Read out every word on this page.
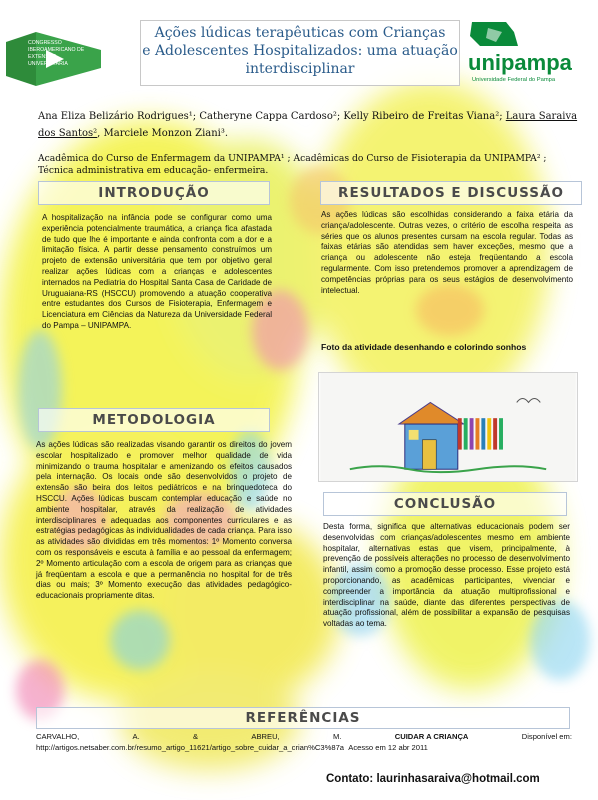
CONGRESSO
IBEROAMERICANO DE
EXTENSÃO
UNIVERSITÁRIA
Ações lúdicas terapêuticas com Crianças
e Adolescentes Hospitalizados: uma atuação
interdisciplinar	unipampa
Universidade Federal do Pampa
Ana Eliza Belizário Rodrigues¹; Catheryne Cappa Cardoso²; Kelly Ribeiro de Freitas Viana²; Laura Saraiva dos Santos², Marciele Monzon Ziani³.
Acadêmica do Curso de Enfermagem da UNIPAMPA¹ ; Acadêmicas do Curso de Fisioterapia da UNIPAMPA² ; Técnica administrativa em educação- enfermeira.
INTRODUÇÃO
A hospitalização na infância pode se configurar como uma experiência potencialmente traumática, a criança fica afastada de tudo que lhe é importante e ainda confronta com a dor e a limitação física. A partir desse pensamento construímos um projeto de extensão universitária que tem por objetivo geral realizar ações lúdicas com a crianças e adolescentes internados na Pediatria do Hospital Santa Casa de Caridade de Uruguaiana-RS (HSCCU) promovendo a atuação cooperativa entre estudantes dos Cursos de Fisioterapia, Enfermagem e Licenciatura em Ciências da Natureza da Universidade Federal do Pampa – UNIPAMPA.
RESULTADOS E DISCUSSÃO
As ações lúdicas são escolhidas considerando a faixa etária da criança/adolescente. Outras vezes, o critério de escolha respeita as séries que os alunos presentes cursam na escola regular. Todas as faixas etárias são atendidas sem haver exceções, mesmo que a criança ou adolescente não esteja freqüentando a escola regularmente. Com isso pretendemos promover a aprendizagem de competências próprias para os seus estágios de desenvolvimento intelectual.
Foto da atividade desenhando e colorindo sonhos
METODOLOGIA
As ações lúdicas são realizadas visando garantir os direitos do jovem escolar hospitalizado e promover melhor qualidade de vida minimizando o trauma hospitalar e amenizando os efeitos causados pela internação. Os locais onde são desenvolvidos o projeto de extensão são beira dos leitos pediátricos e na brinquedoteca do HSCCU. Ações lúdicas buscam contemplar educação e saúde no ambiente hospitalar, através da realização de atividades interdisciplinares e adequadas aos componentes curriculares e as estratégias pedagógicas às individualidades de cada criança. Para isso as atividades são divididas em três momentos: 1º Momento conversa com os responsáveis e escuta à família e ao pessoal da enfermagem; 2º Momento articulação com a escola de origem para as crianças que já freqüentam a escola e que a permanência no hospital for de três dias ou mais; 3º Momento execução das atividades pedagógico-educacionais propriamente ditas.
CONCLUSÃO
Desta forma, significa que alternativas educacionais podem ser desenvolvidas com crianças/adolescentes mesmo em ambiente hospitalar, alternativas estas que visem, principalmente, à prevenção de possíveis alterações no processo de desenvolvimento infantil, assim como a promoção desse processo. Esse projeto está proporcionando, as acadêmicas participantes, vivenciar e compreender a importância da atuação multiprofissional e interdisciplinar na saúde, diante das diferentes perspectivas de atuação profissional, além de possibilitar a expansão de pesquisas voltadas ao tema.
REFERÊNCIAS
CARVALHO,	A.	&	ABREU,	M.	CUIDAR A CRIANÇA	Disponível em:
http://artigos.netsaber.com.br/resumo_artigo_11621/artigo_sobre_cuidar_a_crian%C3%87a Acesso em 12 abr 2011
Contato: laurinhasaraiva@hotmail.com
